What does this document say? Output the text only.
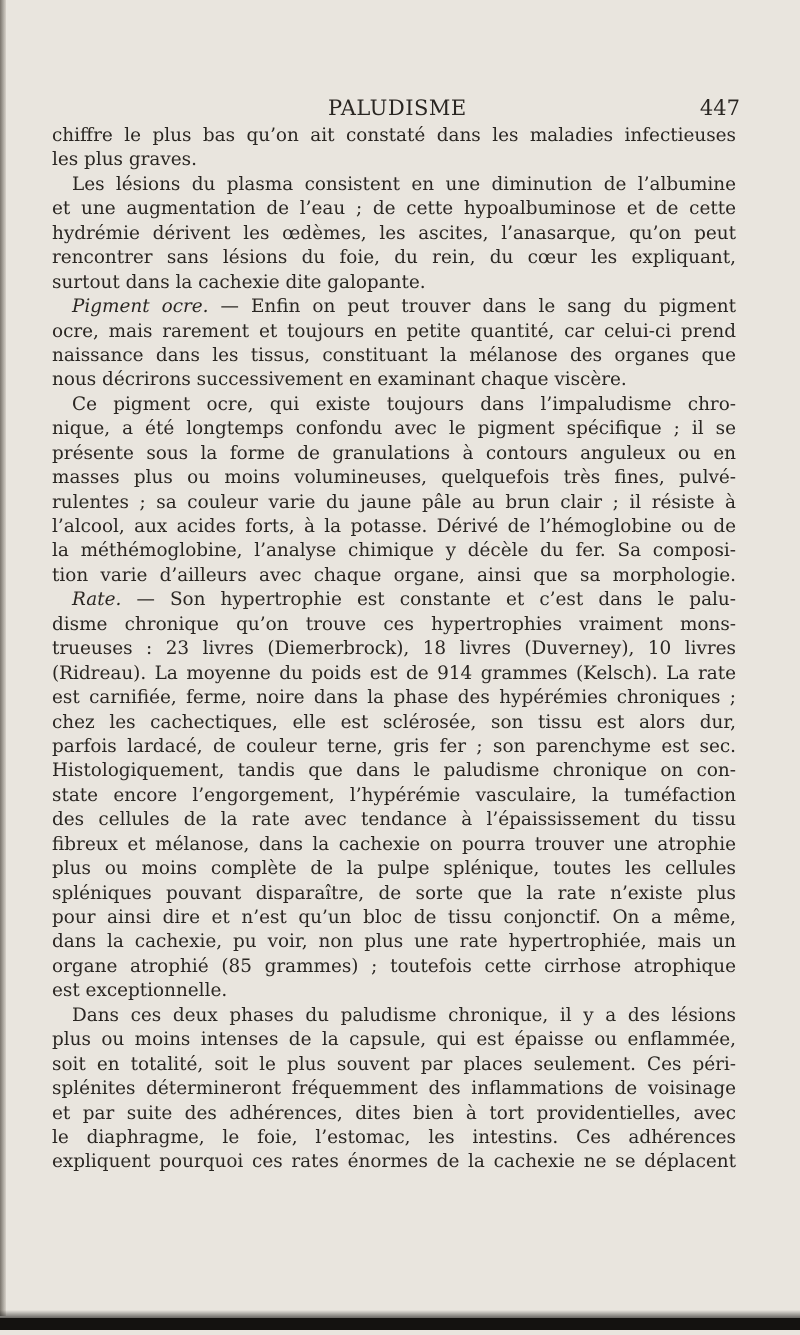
PALUDISME	447
chiffre le plus bas qu’on ait constaté dans les maladies infectieuses
les plus graves.
Les lésions du plasma consistent en une diminution de l’albumine
et une augmentation de l’eau ; de cette hypoalbuminose et de cette
hydrémie dérivent les œdèmes, les ascites, l’anasarque, qu’on peut
rencontrer sans lésions du foie, du rein, du cœur les expliquant,
surtout dans la cachexie dite galopante.
Pigment ocre. — Enfin on peut trouver dans le sang du pigment
ocre, mais rarement et toujours en petite quantité, car celui-ci prend
naissance dans les tissus, constituant la mélanose des organes que
nous décrirons successivement en examinant chaque viscère.
Ce pigment ocre, qui existe toujours dans l’impaludisme chro-
nique, a été longtemps confondu avec le pigment spécifique ; il se
présente sous la forme de granulations à contours anguleux ou en
masses plus ou moins volumineuses, quelquefois très fines, pulvé-
rulentes ; sa couleur varie du jaune pâle au brun clair ; il résiste à
l’alcool, aux acides forts, à la potasse. Dérivé de l’hémoglobine ou de
la méthémoglobine, l’analyse chimique y décèle du fer. Sa composi-
tion varie d’ailleurs avec chaque organe, ainsi que sa morphologie.
Rate. — Son hypertrophie est constante et c’est dans le palu-
disme chronique qu’on trouve ces hypertrophies vraiment mons-
trueuses : 23 livres (Diemerbrock), 18 livres (Duverney), 10 livres
(Ridreau). La moyenne du poids est de 914 grammes (Kelsch). La rate
est carnifiée, ferme, noire dans la phase des hypérémies chroniques ;
chez les cachectiques, elle est sclérosée, son tissu est alors dur,
parfois lardacé, de couleur terne, gris fer ; son parenchyme est sec.
Histologiquement, tandis que dans le paludisme chronique on con-
state encore l’engorgement, l’hypérémie vasculaire, la tuméfaction
des cellules de la rate avec tendance à l’épaississement du tissu
fibreux et mélanose, dans la cachexie on pourra trouver une atrophie
plus ou moins complète de la pulpe splénique, toutes les cellules
spléniques pouvant disparaître, de sorte que la rate n’existe plus
pour ainsi dire et n’est qu’un bloc de tissu conjonctif. On a même,
dans la cachexie, pu voir, non plus une rate hypertrophiée, mais un
organe atrophié (85 grammes) ; toutefois cette cirrhose atrophique
est exceptionnelle.
Dans ces deux phases du paludisme chronique, il y a des lésions
plus ou moins intenses de la capsule, qui est épaisse ou enflammée,
soit en totalité, soit le plus souvent par places seulement. Ces péri-
splénites détermineront fréquemment des inflammations de voisinage
et par suite des adhérences, dites bien à tort providentielles, avec
le diaphragme, le foie, l’estomac, les intestins. Ces adhérences
expliquent pourquoi ces rates énormes de la cachexie ne se déplacent
